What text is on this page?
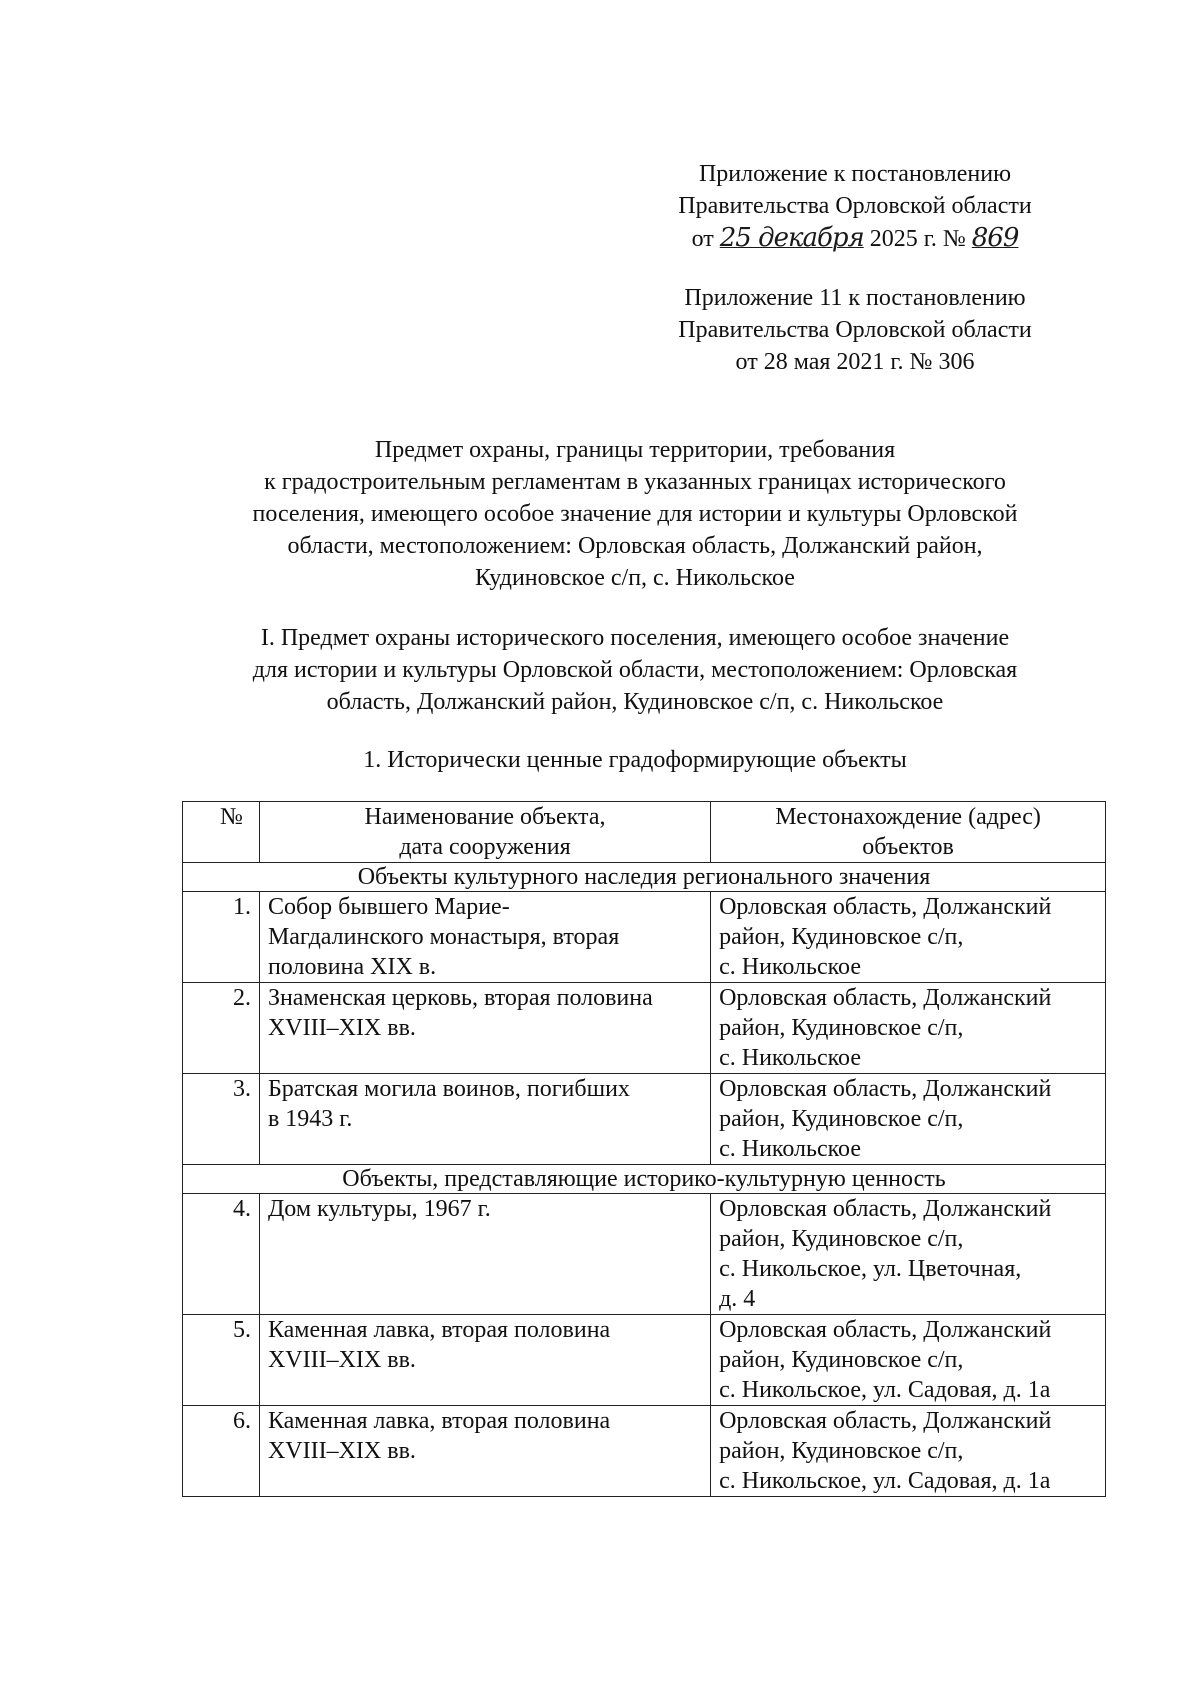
Приложение к постановлению
Правительства Орловской области
от 25 декабря 2025 г. № 869
Приложение 11 к постановлению
Правительства Орловской области
от 28 мая 2021 г. № 306
Предмет охраны, границы территории, требования
к градостроительным регламентам в указанных границах исторического
поселения, имеющего особое значение для истории и культуры Орловской
области, местоположением: Орловская область, Должанский район,
Кудиновское с/п, с. Никольское
I. Предмет охраны исторического поселения, имеющего особое значение
для истории и культуры Орловской области, местоположением: Орловская
область, Должанский район, Кудиновское с/п, с. Никольское
1. Исторически ценные градоформирующие объекты
№	Наименование объекта,
дата сооружения	Местонахождение (адрес)
объектов

Объекты культурного наследия регионального значения		
1.	Собор бывшего Марие-
Магдалинского монастыря, вторая
половина XIX в.	Орловская область, Должанский
район, Кудиновское с/п,
с. Никольское

2.	Знаменская церковь, вторая половина
XVIII–XIX вв.	Орловская область, Должанский
район, Кудиновское с/п,
с. Никольское

3.	Братская могила воинов, погибших
в 1943 г.	Орловская область, Должанский
район, Кудиновское с/п,
с. Никольское

Объекты, представляющие историко-культурную ценность		
4.	Дом культуры, 1967 г.	Орловская область, Должанский
район, Кудиновское с/п,
с. Никольское, ул. Цветочная,
д. 4

5.	Каменная лавка, вторая половина
XVIII–XIX вв.	Орловская область, Должанский
район, Кудиновское с/п,
с. Никольское, ул. Садовая, д. 1а

6.	Каменная лавка, вторая половина
XVIII–XIX вв.	Орловская область, Должанский
район, Кудиновское с/п,
с. Никольское, ул. Садовая, д. 1а
